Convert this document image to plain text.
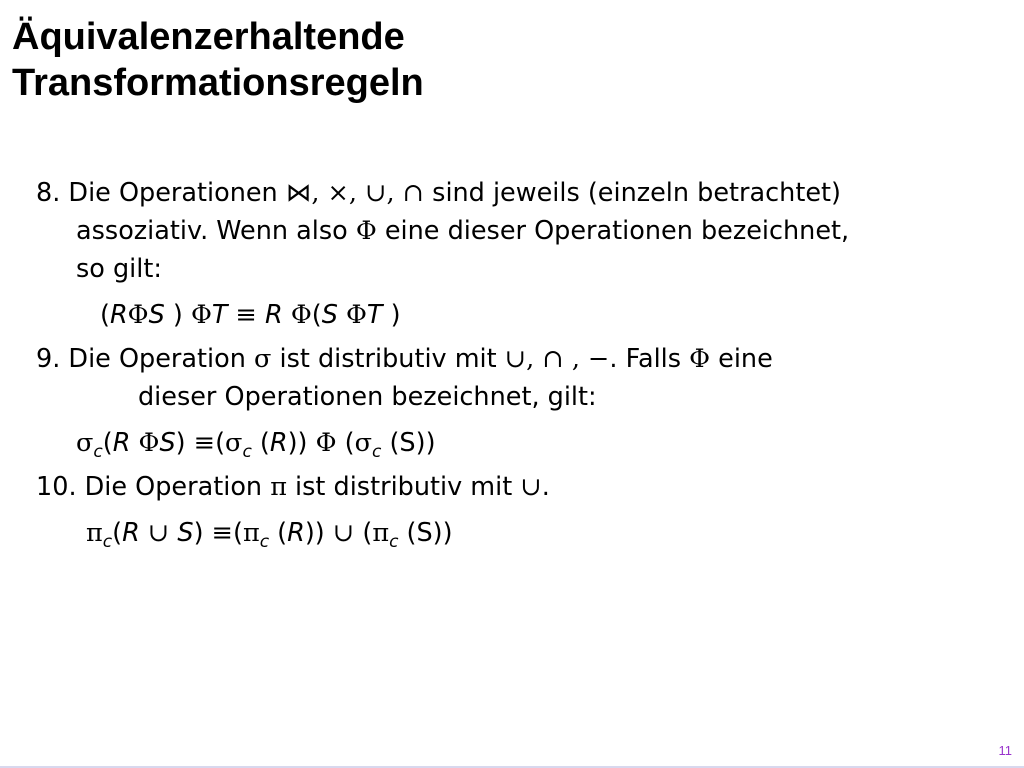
Äquivalenzerhaltende
Transformationsregeln
8. Die Operationen ⋈, ×, ∪, ∩ sind jeweils (einzeln betrachtet)
assoziativ. Wenn also Φ eine dieser Operationen bezeichnet,
so gilt:
(RΦS ) ΦT ≡ R Φ(S ΦT )
9. Die Operation σ ist distributiv mit ∪, ∩ , −. Falls Φ eine
dieser Operationen bezeichnet, gilt:
$\sigma_c(R$ $\Phi S) \equiv(\sigma_c$ (R)) Φ ($\sigma_c$ (S))
10. Die Operation π ist distributiv mit ∪.
$\pi_c(R$ ∪ $S) \equiv(\pi_c$ (R)) ∪ ($\pi_c$ (S))
11
